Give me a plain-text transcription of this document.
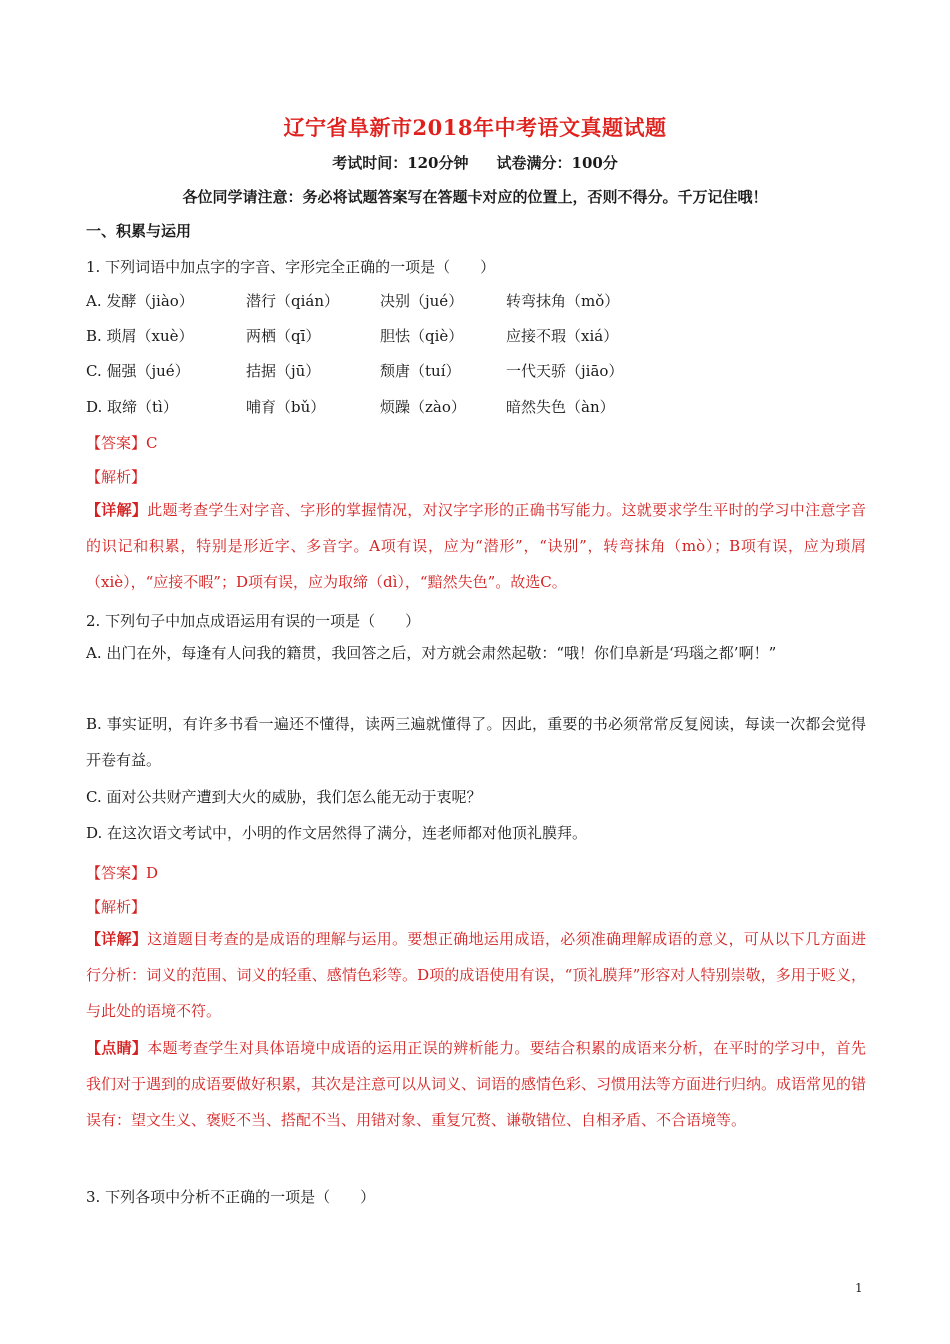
辽宁省阜新市2018年中考语文真题试题
考试时间：120分钟 试卷满分：100分
各位同学请注意：务必将试题答案写在答题卡对应的位置上，否则不得分。千万记住哦！
一、积累与运用
1. 下列词语中加点字的字音、字形完全正确的一项是（　　）
A. 发酵（jiào）	潜行（qián）	决别（jué）	转弯抹角（mǒ）
B. 琐屑（xuè）	两栖（qī）	胆怯（qiè）	应接不瑕（xiá）
C. 倔强（jué）	拮据（jū）	颓唐（tuí）	一代天骄（jiāo）
D. 取缔（tì）	哺育（bǔ）	烦躁（zào）	暗然失色（àn）
【答案】C
【解析】
【详解】此题考查学生对字音、字形的掌握情况，对汉字字形的正确书写能力。这就要求学生平时的学习中注意字音的识记和积累，特别是形近字、多音字。A项有误，应为“潜形”，“诀别”，转弯抹角（mò）；B项有误，应为琐屑（xiè），“应接不暇”；D项有误，应为取缔（dì），“黯然失色”。故选C。
2. 下列句子中加点成语运用有误的一项是（　　）
A. 出门在外，每逢有人问我的籍贯，我回答之后，对方就会肃然起敬：“哦！你们阜新是‘玛瑙之都’啊！”
B. 事实证明，有许多书看一遍还不懂得，读两三遍就懂得了。因此，重要的书必须常常反复阅读，每读一次都会觉得开卷有益。
C. 面对公共财产遭到大火的威胁，我们怎么能无动于衷呢？
D. 在这次语文考试中，小明的作文居然得了满分，连老师都对他顶礼膜拜。
【答案】D
【解析】
【详解】这道题目考查的是成语的理解与运用。要想正确地运用成语，必须准确理解成语的意义，可从以下几方面进行分析：词义的范围、词义的轻重、感情色彩等。D项的成语使用有误，“顶礼膜拜”形容对人特别崇敬，多用于贬义，与此处的语境不符。
【点睛】本题考查学生对具体语境中成语的运用正误的辨析能力。要结合积累的成语来分析，在平时的学习中，首先我们对于遇到的成语要做好积累，其次是注意可以从词义、词语的感情色彩、习惯用法等方面进行归纳。成语常见的错误有：望文生义、褒贬不当、搭配不当、用错对象、重复冗赘、谦敬错位、自相矛盾、不合语境等。
3. 下列各项中分析不正确的一项是（　　）
1
